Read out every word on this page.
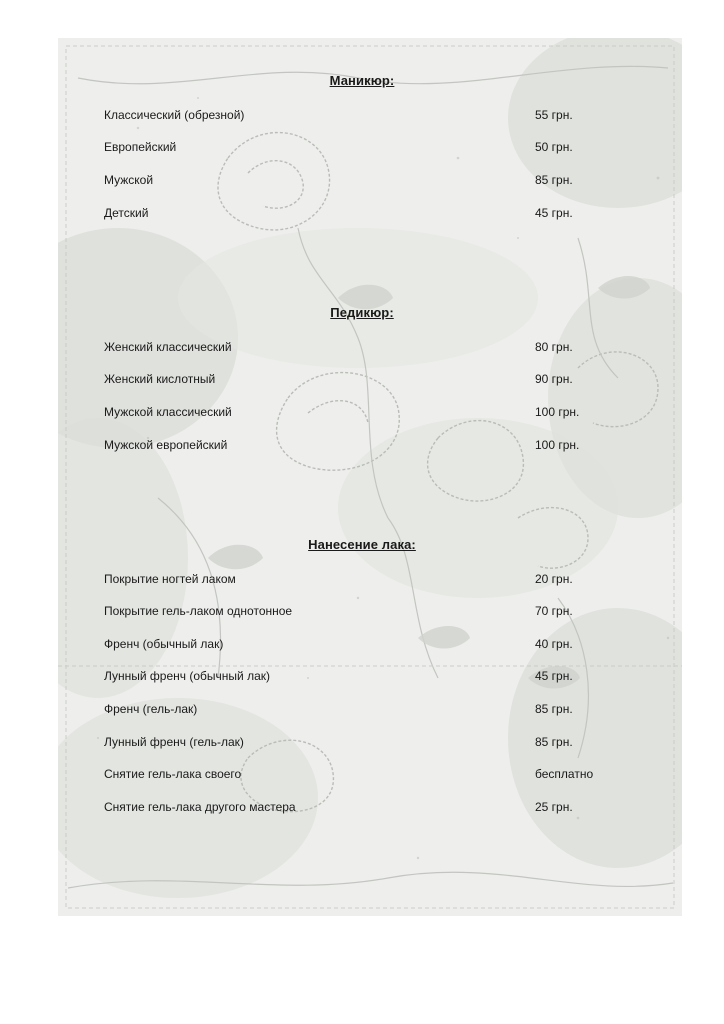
Маникюр:
Классический (обрезной)	55 грн.
Европейский	50 грн.
Мужской	85 грн.
Детский	45 грн.
Педикюр:
Женский классический	80 грн.
Женский кислотный	90 грн.
Мужской классический	100 грн.
Мужской европейский	100 грн.
Нанесение лака:
Покрытие ногтей лаком	20 грн.
Покрытие гель-лаком однотонное	70 грн.
Френч (обычный лак)	40 грн.
Лунный френч (обычный лак)	45 грн.
Френч (гель-лак)	85 грн.
Лунный френч (гель-лак)	85 грн.
Снятие гель-лака своего	бесплатно
Снятие гель-лака другого мастера	25 грн.
